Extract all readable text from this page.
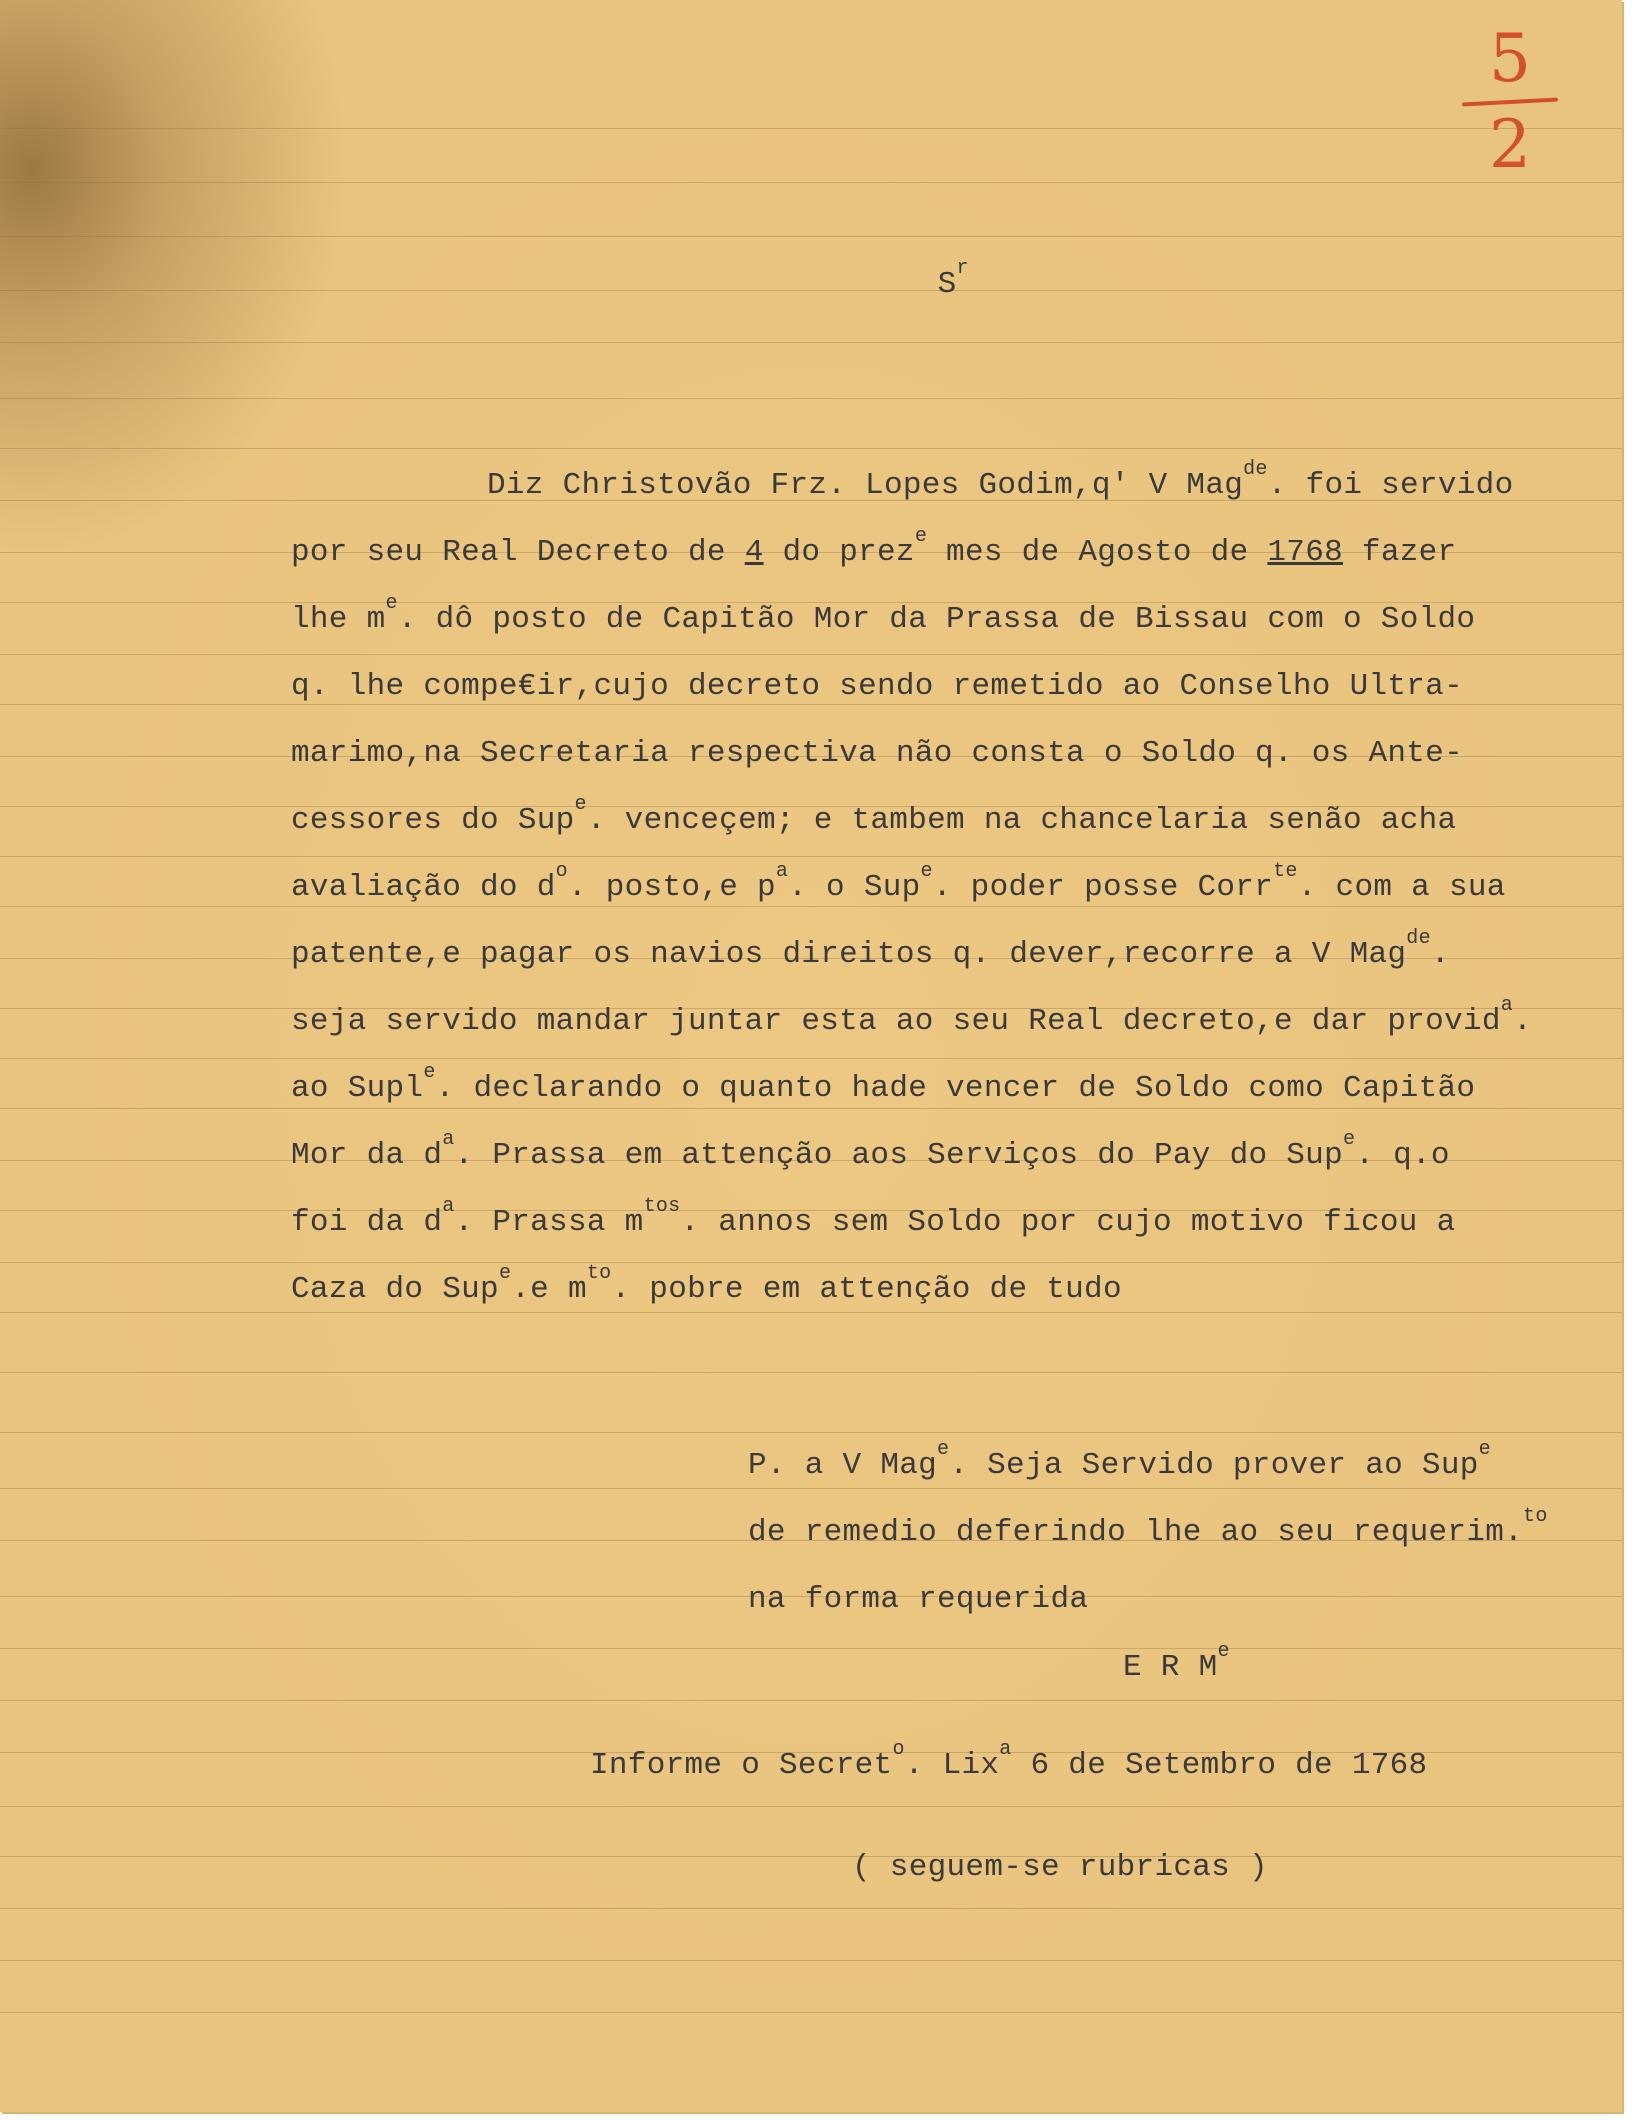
5
2

$S^r$

Diz Christovão Frz. Lopes Godim,q' V Mag$^{de}$. foi servido
por seu Real Decreto de 4 do prez$^e$ mes de Agosto de 1768 fazer
lhe $m^e$. dô posto de Capitão Mor da Prassa de Bissau com o Soldo
q. lhe compe€ir,cujo decreto sendo remetido ao Conselho Ultra-
marimo,na Secretaria respectiva não consta o Soldo q. os Ante-
cessores do Sup$^e$. venceçem; e tambem na chancelaria senão acha
avaliação do $d^o$. posto,e $p^a$. o Sup$^e$. poder posse Corr$^{te}$. com a sua
patente,e pagar os navios direitos q. dever,recorre a V Mag$^{de}$.
seja servido mandar juntar esta ao seu Real decreto,e dar provid$^a$.
ao Supl$^e$. declarando o quanto hade vencer de Soldo como Capitão
Mor da $d^a$. Prassa em attenção aos Serviços do Pay do Sup$^e$. q.o
foi da $d^a$. Prassa $m^{tos}$. annos sem Soldo por cujo motivo ficou a
Caza do Sup$^e$.e $m^{to}$. pobre em attenção de tudo
P. a V Mag$^e$. Seja Servido prover ao Sup$^e$
de remedio deferindo lhe ao seu requerim.$^{to}$
na forma requerida
E R Me
Informe o Secret$^o$. Lix$^a$ 6 de Setembro de 1768
( seguem-se rubricas )
